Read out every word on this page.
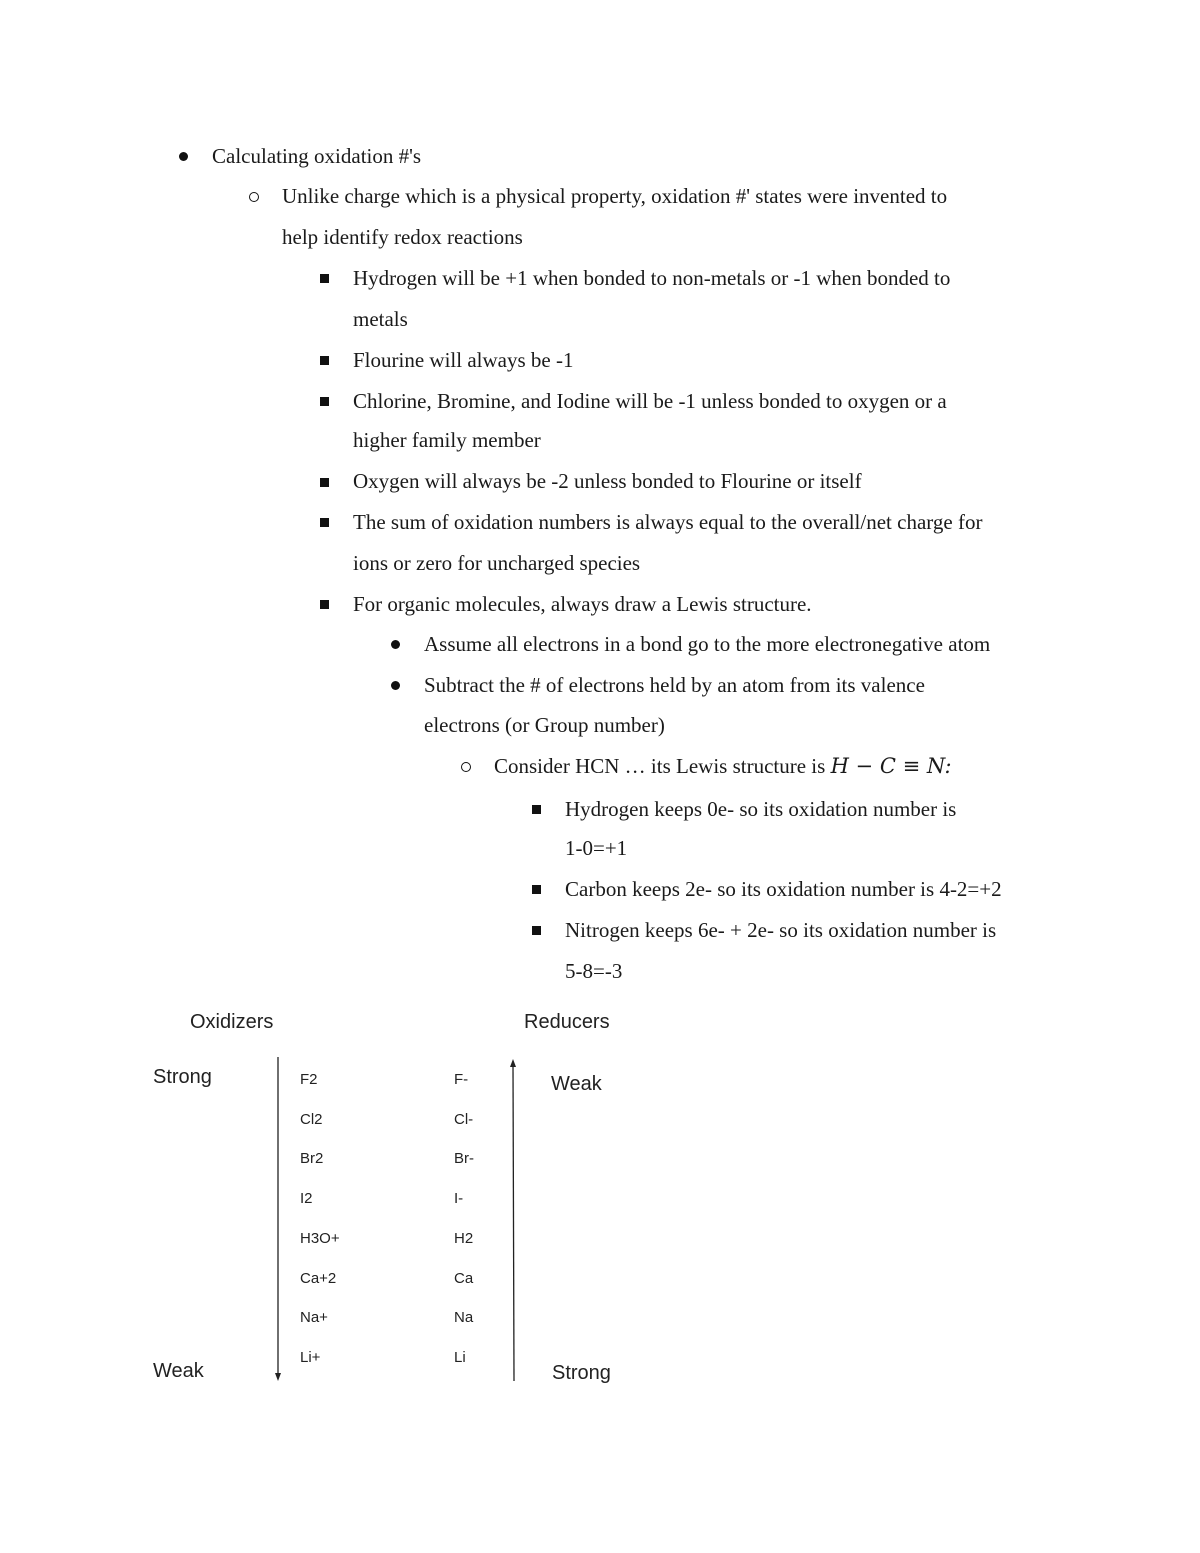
Calculating oxidation #'s
Unlike charge which is a physical property, oxidation #' states were invented to
help identify redox reactions
Hydrogen will be +1 when bonded to non-metals or -1 when bonded to
metals
Flourine will always be -1
Chlorine, Bromine, and Iodine will be -1 unless bonded to oxygen or a
higher family member
Oxygen will always be -2 unless bonded to Flourine or itself
The sum of oxidation numbers is always equal to the overall/net charge for
ions or zero for uncharged species
For organic molecules, always draw a Lewis structure.
Assume all electrons in a bond go to the more electronegative atom
Subtract the # of electrons held by an atom from its valence
electrons (or Group number)
Consider HCN … its Lewis structure is H − C ≡ N:
Hydrogen keeps 0e- so its oxidation number is
1-0=+1
Carbon keeps 2e- so its oxidation number is 4-2=+2
Nitrogen keeps 6e- + 2e- so its oxidation number is
5-8=-3
Oxidizers	Reducers
Strong
Weak
Weak
Strong
F2
Cl2
Br2
I2
H3O+
Ca+2
Na+
Li+
F-
Cl-
Br-
I-
H2
Ca
Na
Li
